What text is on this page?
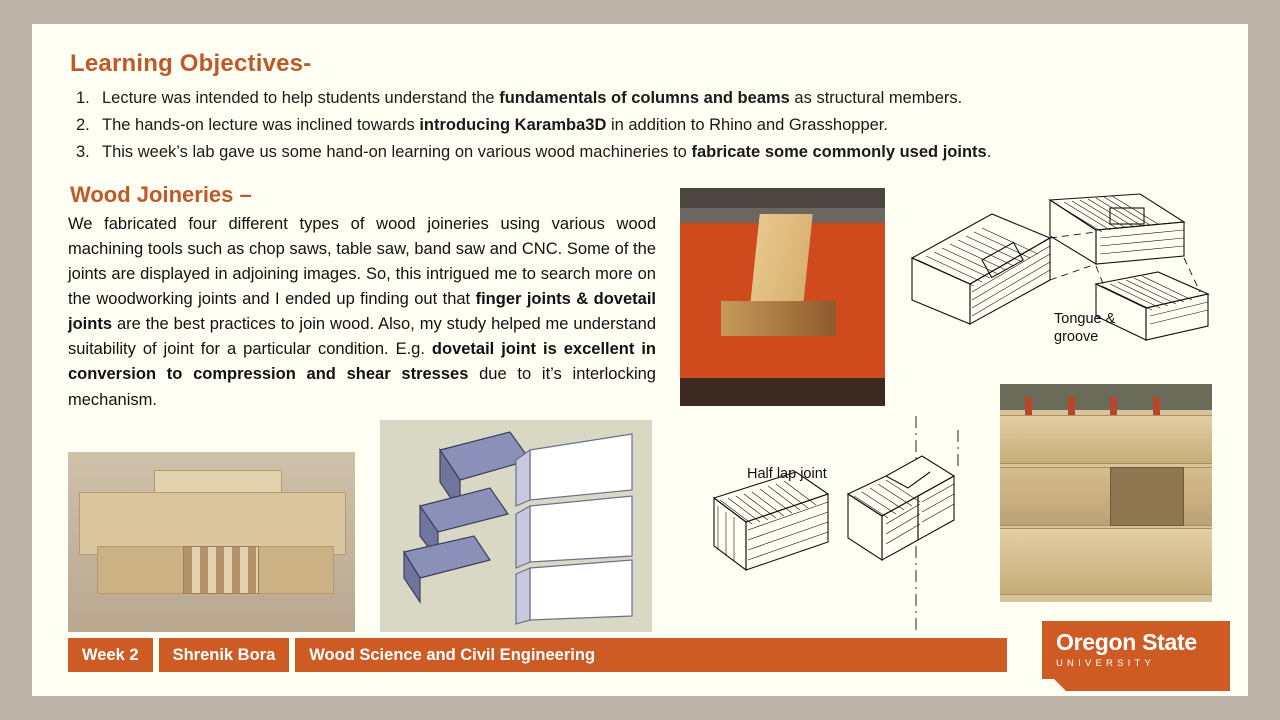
Learning Objectives-
1. Lecture was intended to help students understand the fundamentals of columns and beams as structural members.
2. The hands-on lecture was inclined towards introducing Karamba3D in addition to Rhino and Grasshopper.
3. This week’s lab gave us some hand-on learning on various wood machineries to fabricate some commonly used joints.
Wood Joineries –
We fabricated four different types of wood joineries using various wood machining tools such as chop saws, table saw, band saw and CNC. Some of the joints are displayed in adjoining images. So, this intrigued me to search more on the woodworking joints and I ended up finding out that finger joints & dovetail joints are the best practices to join wood. Also, my study helped me understand suitability of joint for a particular condition. E.g. dovetail joint is excellent in conversion to compression and shear stresses due to it’s interlocking mechanism.
Tongue & groove
Half lap joint
Week 2	Shrenik Bora	Wood Science and Civil Engineering	Oregon State
UNIVERSITY
